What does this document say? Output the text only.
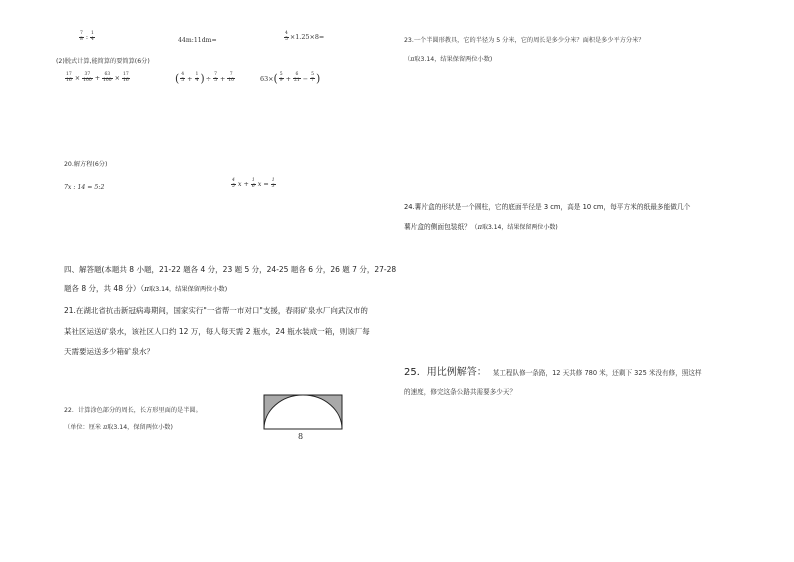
$\frac{7}{8}$ : $\frac{1}{4}$	44m:11dm=	$\frac{4}{5} \times 1.25\times 8=$
(2)脱式计算,能简算的要简算(6分)
$\frac{17}{16} \times \frac{37}{100} + \frac{63}{100} \times \frac{17}{16}$	( $\frac{4}{5} + \frac{1}{4}$ ) ÷ $\frac{7}{5} + \frac{7}{10}$	63× ( $\frac{5}{9} + \frac{6}{21} - \frac{5}{7}$ )
20.解方程(6分)
7x : 14 = 5:2	$\frac{4}{5}$ $x + \frac{1}{6}$ $x = \frac{1}{3}$
四、解答题(本题共 8 小题，21-22 题各 4 分，23 题 5 分，24-25 题各 6 分，26 题 7 分，27-28
题各 8 分，共 48 分）（π取3.14，结果保留两位小数)
21.在湖北省抗击新冠病毒期间，国家实行"一省帮一市对口"支援，春雨矿泉水厂向武汉市的
某社区运送矿泉水，该社区人口约 12 万，每人每天需 2 瓶水，24 瓶水装成一箱，则该厂每
天需要运送多少箱矿泉水？
22．计算涂色部分的周长，长方形里面的是半圆。
（单位：厘米 π取3.14，保留两位小数)
8
23.一个半圆形教具，它的半径为 5 分米，它的周长是多少分米？面积是多少平方分米？
（π取3.14，结果保留两位小数)
24.薯片盒的形状是一个圆柱，它的底面半径是 3 cm，高是 10 cm，每平方米的纸最多能做几个
薯片盒的侧面包装纸？（π取3.14，结果保留两位小数)
25．用比例解答： 某工程队修一条路，12 天共修 780 米，还剩下 325 米没有修，照这样
的速度，修完这条公路共需要多少天？
